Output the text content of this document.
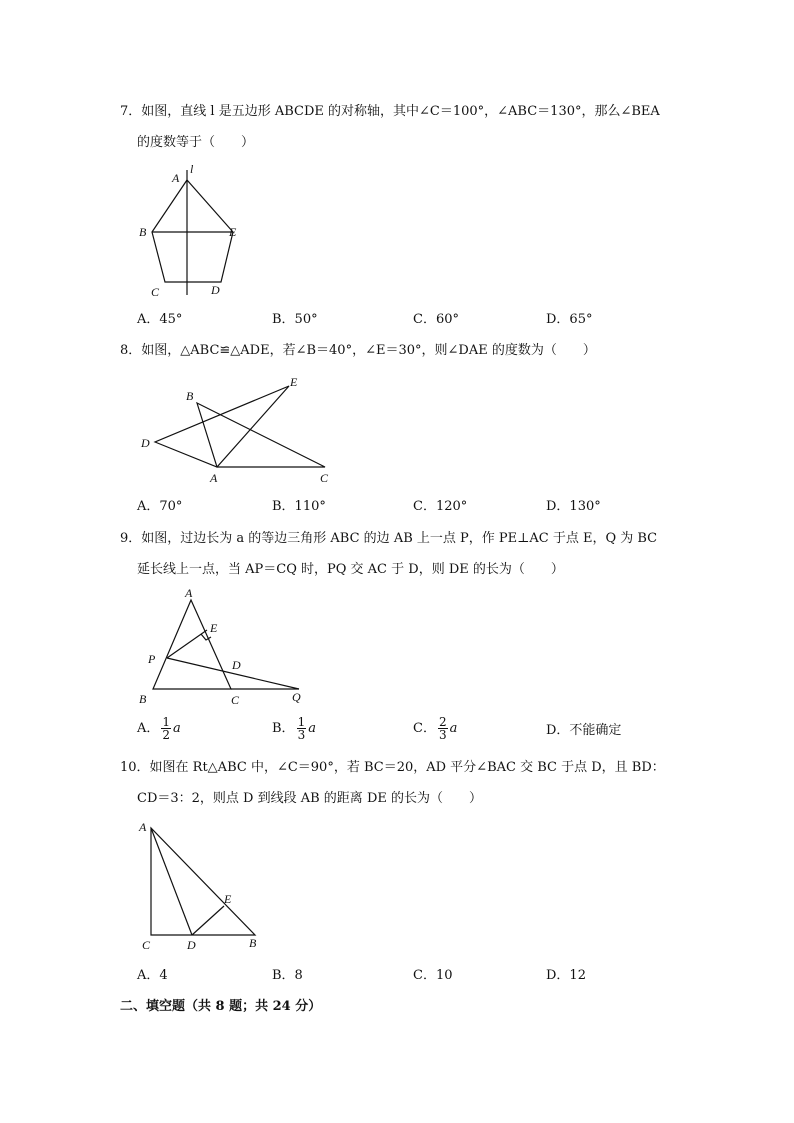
7．如图，直线 l 是五边形 ABCDE 的对称轴，其中∠C＝100°，∠ABC＝130°，那么∠BEA
的度数等于（　　）
A
l
B	E
C	D
A．45°	B．50°	C．60°	D．65°
8．如图，△ABC≌△ADE，若∠B＝40°，∠E＝30°，则∠DAE 的度数为（　　）
B
E
D
A	C
A．70°	B．110°	C．120°	D．130°
9．如图，过边长为 a 的等边三角形 ABC 的边 AB 上一点 P，作 PE⊥AC 于点 E，Q 为 BC
延长线上一点，当 AP＝CQ 时，PQ 交 AC 于 D，则 DE 的长为（　　）
A
E
P	D
B	C	Q
A． $\frac{1}{2}$ a	B． $\frac{1}{3}$ a	C． $\frac{2}{3}$ a	D．不能确定
10．如图在 Rt△ABC 中，∠C＝90°，若 BC＝20，AD 平分∠BAC 交 BC 于点 D，且 BD：
CD＝3：2，则点 D 到线段 AB 的距离 DE 的长为（　　）
A
E
C	D	B
A．4	B．8	C．10	D．12
二、填空题（共 8 题；共 24 分）
